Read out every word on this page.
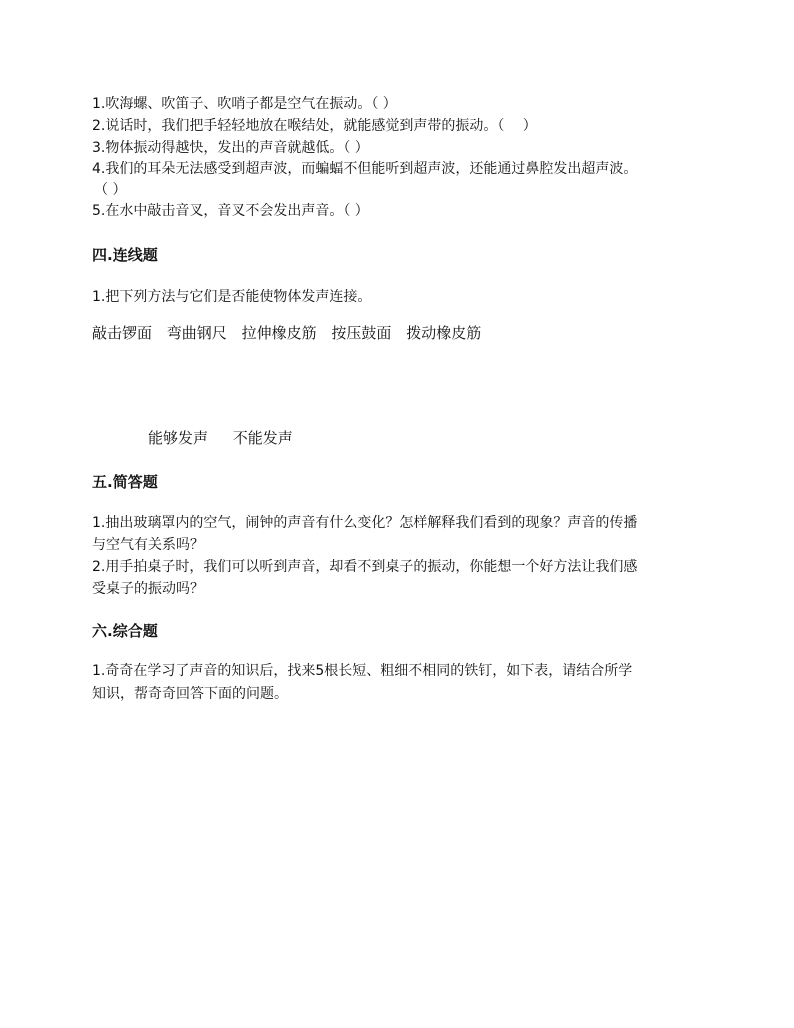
1.吹海螺、吹笛子、吹哨子都是空气在振动。（ ）
2.说话时，我们把手轻轻地放在喉结处，就能感觉到声带的振动。（　 ）
3.物体振动得越快，发出的声音就越低。（ ）
4.我们的耳朵无法感受到超声波，而蝙蝠不但能听到超声波，还能通过鼻腔发出超声波。
（ ）
5.在水中敲击音叉，音叉不会发出声音。（ ）
四.连线题
1.把下列方法与它们是否能使物体发声连接。
敲击锣面 弯曲钢尺 拉伸橡皮筋 按压鼓面 拨动橡皮筋
能够发声 不能发声
五.简答题
1.抽出玻璃罩内的空气，闹钟的声音有什么变化？怎样解释我们看到的现象？声音的传播
与空气有关系吗？
2.用手拍桌子时，我们可以听到声音，却看不到桌子的振动，你能想一个好方法让我们感
受桌子的振动吗？
六.综合题
1.奇奇在学习了声音的知识后，找来5根长短、粗细不相同的铁钉，如下表，请结合所学
知识，帮奇奇回答下面的问题。
